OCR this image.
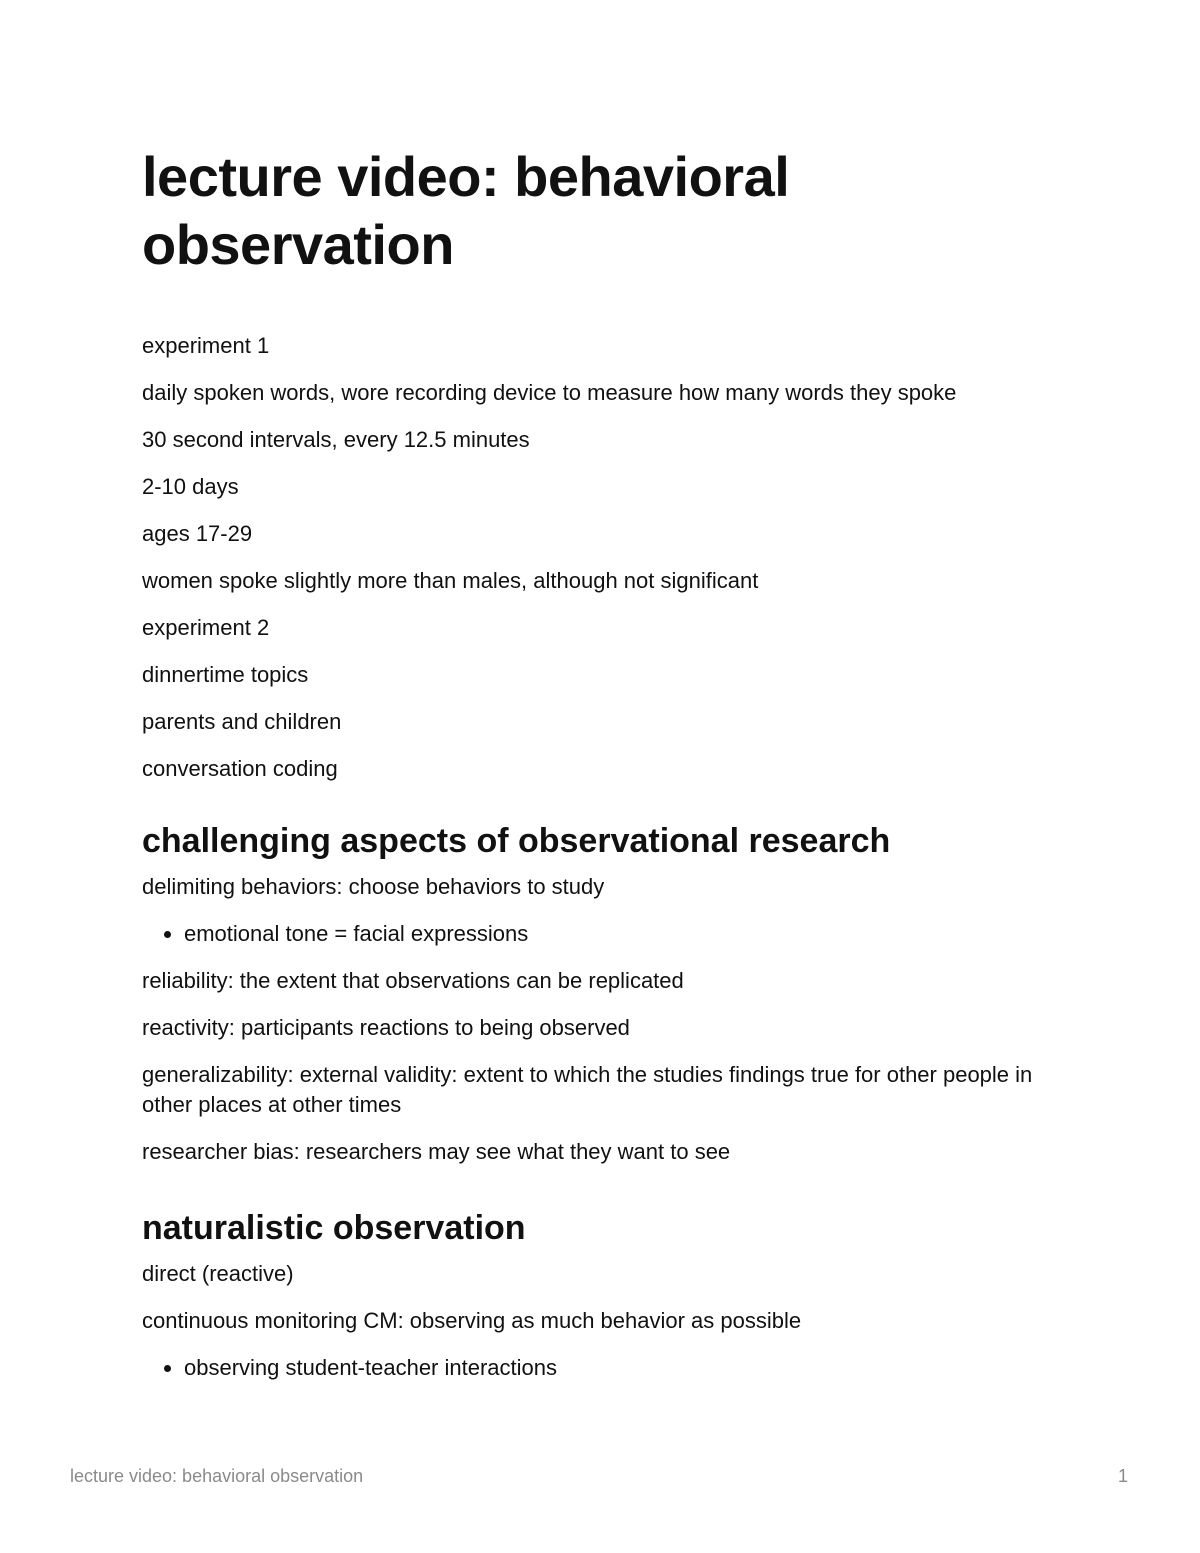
lecture video: behavioral observation

experiment 1

daily spoken words, wore recording device to measure how many words they spoke

30 second intervals, every 12.5 minutes

2-10 days

ages 17-29

women spoke slightly more than males, although not significant

experiment 2

dinnertime topics

parents and children

conversation coding

challenging aspects of observational research

delimiting behaviors: choose behaviors to study

• emotional tone = facial expressions

reliability: the extent that observations can be replicated

reactivity: participants reactions to being observed

generalizability: external validity: extent to which the studies findings true for other people in other places at other times

researcher bias: researchers may see what they want to see

naturalistic observation

direct (reactive)

continuous monitoring CM: observing as much behavior as possible

• observing student-teacher interactions
lecture video: behavioral observation	1
